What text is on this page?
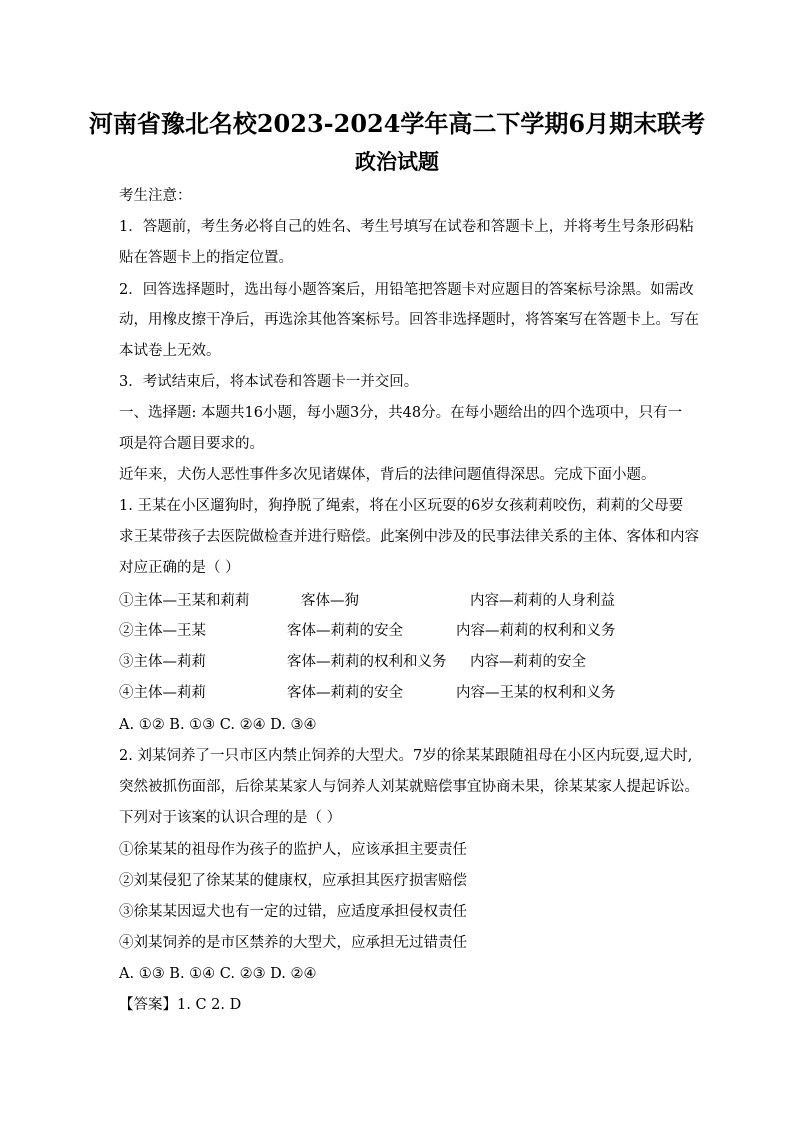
河南省豫北名校2023-2024学年高二下学期6月期末联考
政治试题
考生注意：
1．答题前，考生务必将自己的姓名、考生号填写在试卷和答题卡上，并将考生号条形码粘
贴在答题卡上的指定位置。
2．回答选择题时，选出每小题答案后，用铅笔把答题卡对应题目的答案标号涂黑。如需改
动，用橡皮擦干净后，再选涂其他答案标号。回答非选择题时，将答案写在答题卡上。写在
本试卷上无效。
3．考试结束后，将本试卷和答题卡一并交回。
一、选择题: 本题共16小题，每小题3分，共48分。在每小题给出的四个选项中，只有一
项是符合题目要求的。
近年来，犬伤人恶性事件多次见诸媒体，背后的法律问题值得深思。完成下面小题。
1. 王某在小区遛狗时，狗挣脱了绳索，将在小区玩耍的6岁女孩莉莉咬伤，莉莉的父母要
求王某带孩子去医院做检查并进行赔偿。此案例中涉及的民事法律关系的主体、客体和内容
对应正确的是（ ）
①主体—王某和莉莉	客体—狗	内容—莉莉的人身利益
②主体—王某	客体—莉莉的安全	内容—莉莉的权利和义务
③主体—莉莉	客体—莉莉的权利和义务 内容—莉莉的安全
④主体—莉莉	客体—莉莉的安全	内容—王某的权利和义务
A. ①② B. ①③ C. ②④ D. ③④
2. 刘某饲养了一只市区内禁止饲养的大型犬。7岁的徐某某跟随祖母在小区内玩耍,逗犬时,
突然被抓伤面部，后徐某某家人与饲养人刘某就赔偿事宜协商未果，徐某某家人提起诉讼。
下列对于该案的认识合理的是（ ）
①徐某某的祖母作为孩子的监护人，应该承担主要责任
②刘某侵犯了徐某某的健康权，应承担其医疗损害赔偿
③徐某某因逗犬也有一定的过错，应适度承担侵权责任
④刘某饲养的是市区禁养的大型犬，应承担无过错责任
A. ①③ B. ①④ C. ②③ D. ②④
【答案】1. C 2. D
